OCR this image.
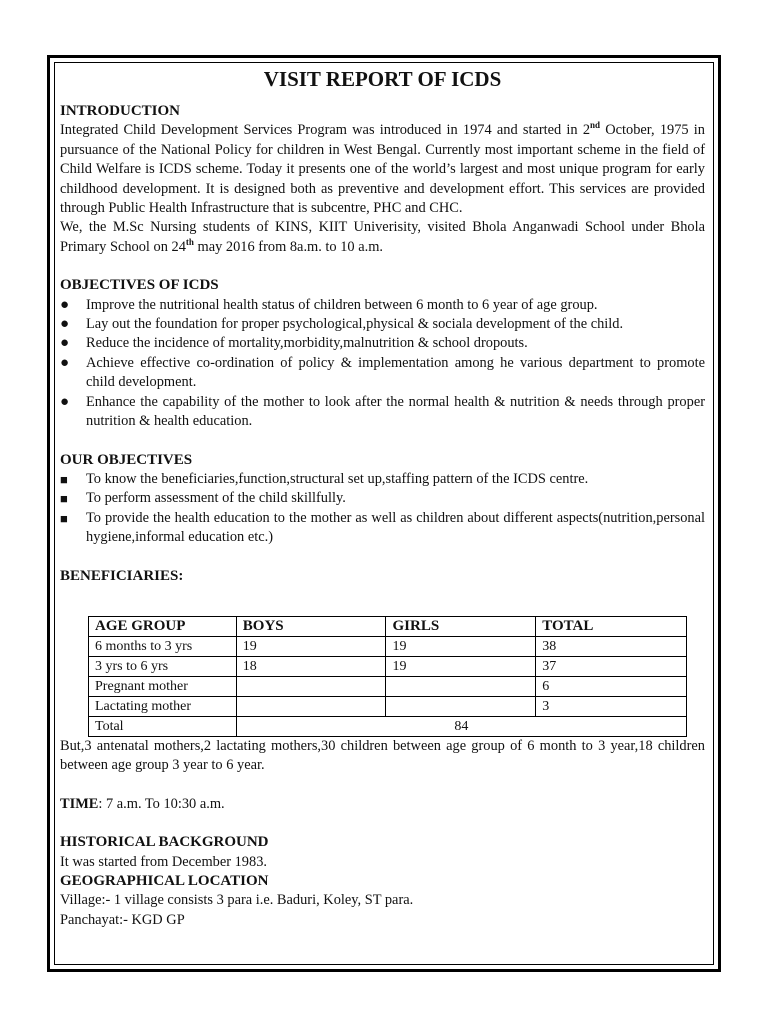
VISIT REPORT OF ICDS
INTRODUCTION
Integrated Child Development Services Program was introduced in 1974 and started in 2nd October, 1975 in pursuance of the National Policy for children in West Bengal. Currently most important scheme in the field of Child Welfare is ICDS scheme. Today it presents one of the world’s largest and most unique program for early childhood development. It is designed both as preventive and development effort. This services are provided through Public Health Infrastructure that is subcentre, PHC and CHC.
We, the M.Sc Nursing students of KINS, KIIT Univerisity, visited Bhola Anganwadi School under Bhola Primary School on 24th may 2016 from 8a.m. to 10 a.m.
OBJECTIVES OF ICDS
●	Improve the nutritional health status of children between 6 month to 6 year of age group.
●	Lay out the foundation for proper psychological,physical & sociala development of the child.
●	Reduce the incidence of mortality,morbidity,malnutrition & school dropouts.
●	Achieve effective co-ordination of policy & implementation among he various department to promote child development.
●	Enhance the capability of the mother to look after the normal health & nutrition & needs through proper nutrition & health education.
OUR OBJECTIVES
■	To know the beneficiaries,function,structural set up,staffing pattern of the ICDS centre.
■	To perform assessment of the child skillfully.
■	To provide the health education to the mother as well as children about different aspects(nutrition,personal hygiene,informal education etc.)
BENEFICIARIES:
AGE GROUP	BOYS	GIRLS	TOTAL
6 months to 3 yrs	19	19	38
3 yrs to 6 yrs	18	19	37
Pregnant mother			6
Lactating mother			3
Total	84		
But,3 antenatal mothers,2 lactating mothers,30 children between age group of 6 month to 3 year,18 children between age group 3 year to 6 year.
TIME: 7 a.m. To 10:30 a.m.
HISTORICAL BACKGROUND
It was started from December 1983.
GEOGRAPHICAL LOCATION
Village:- 1 village consists 3 para i.e. Baduri, Koley, ST para.
Panchayat:- KGD GP
